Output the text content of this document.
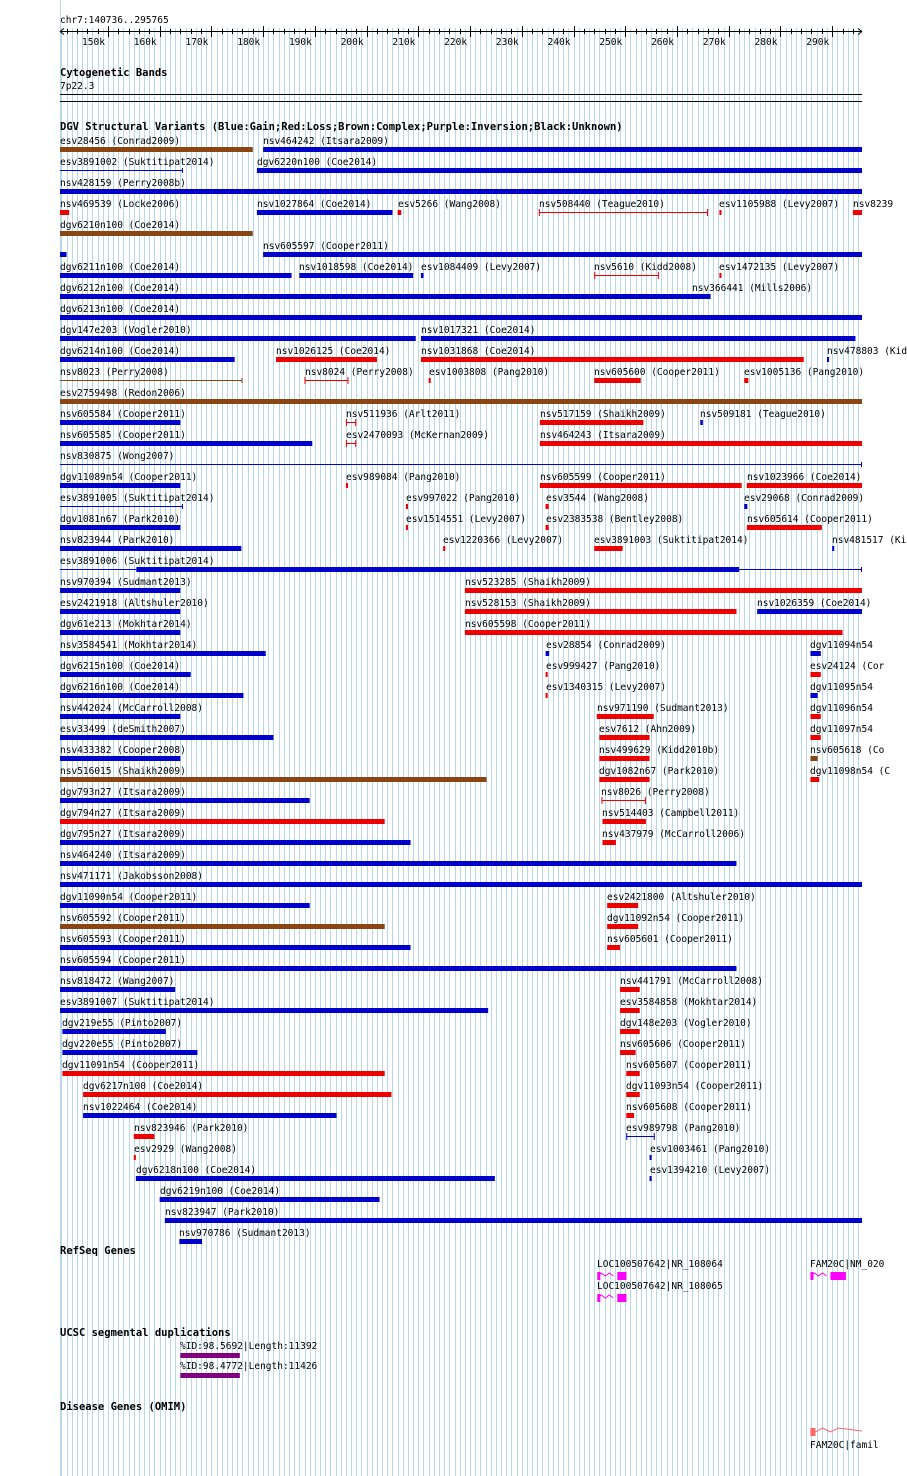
150k	160k	170k	180k	190k	200k	210k	220k	230k	240k	250k	260k	270k	280k	290k
chr7:140736..295765
Cytogenetic Bands
7p22.3
DGV Structural Variants (Blue:Gain;Red:Loss;Brown:Complex;Purple:Inversion;Black:Unknown)
RefSeq Genes
UCSC segmental duplications
Disease Genes (OMIM)
esv28456 (Conrad2009)	nsv464242 (Itsara2009)
esv3891002 (Suktitipat2014)	dgv6220n100 (Coe2014)
nsv428159 (Perry2008b)
nsv469539 (Locke2006)	nsv1027864 (Coe2014)	esv5266 (Wang2008)	nsv508440 (Teague2010)	esv1105988 (Levy2007) nsv8239
dgv6210n100 (Coe2014)
nsv605597 (Cooper2011)
dgv6211n100 (Coe2014)	nsv1018598 (Coe2014) esv1084409 (Levy2007)	nsv5610 (Kidd2008) esv1472135 (Levy2007)
dgv6212n100 (Coe2014)	nsv366441 (Mills2006)
dgv6213n100 (Coe2014)
dgv147e203 (Vogler2010)	nsv1017321 (Coe2014)
dgv6214n100 (Coe2014)	nsv1026125 (Coe2014)	nsv1031868 (Coe2014)	nsv478803 (Kid
nsv8023 (Perry2008)	nsv8024 (Perry2008) esv1003808 (Pang2010)	nsv605600 (Cooper2011)	esv1005136 (Pang2010)
esv2759498 (Redon2006)
nsv605584 (Cooper2011)	nsv511936 (Arlt2011)	nsv517159 (Shaikh2009)	nsv509181 (Teague2010)
nsv605585 (Cooper2011)	esv2470093 (McKernan2009)	nsv464243 (Itsara2009)
nsv830875 (Wong2007)
dgv11089n54 (Cooper2011)	esv989084 (Pang2010)	nsv605599 (Cooper2011)	nsv1023966 (Coe2014)
esv3891005 (Suktitipat2014)	esv997022 (Pang2010)	esv3544 (Wang2008)	esv29068 (Conrad2009)
dgv1081n67 (Park2010)	esv1514551 (Levy2007) esv2383538 (Bentley2008)	nsv605614 (Cooper2011)
nsv823944 (Park2010)	esv1220366 (Levy2007)	esv3891003 (Suktitipat2014)	nsv481517 (Ki
esv3891006 (Suktitipat2014)
nsv970394 (Sudmant2013)	nsv523285 (Shaikh2009)
esv2421918 (Altshuler2010)	nsv528153 (Shaikh2009)	nsv1026359 (Coe2014)
dgv61e213 (Mokhtar2014)	nsv605598 (Cooper2011)
nsv3584541 (Mokhtar2014)	esv28854 (Conrad2009)	dgv11094n54
dgv6215n100 (Coe2014)	esv999427 (Pang2010)	esv24124 (Cor
dgv6216n100 (Coe2014)	esv1340315 (Levy2007)	dgv11095n54
nsv442024 (McCarroll2008)	nsv971190 (Sudmant2013)	dgv11096n54
esv33499 (deSmith2007)	esv7612 (Ahn2009)	dgv11097n54
nsv433382 (Cooper2008)	nsv499629 (Kidd2010b)	nsv605618 (Co
nsv516015 (Shaikh2009)	dgv1082n67 (Park2010)	dgv11098n54 (C
dgv793n27 (Itsara2009)	nsv8026 (Perry2008)
dgv794n27 (Itsara2009)	nsv514403 (Campbell2011)
dgv795n27 (Itsara2009)	nsv437979 (McCarroll2006)
nsv464240 (Itsara2009)
nsv471171 (Jakobsson2008)
dgv11090n54 (Cooper2011)	esv2421800 (Altshuler2010)
nsv605592 (Cooper2011)	dgv11092n54 (Cooper2011)
nsv605593 (Cooper2011)	nsv605601 (Cooper2011)
nsv605594 (Cooper2011)
nsv818472 (Wang2007)	nsv441791 (McCarroll2008)
esv3891007 (Suktitipat2014)	esv3584858 (Mokhtar2014)
dgv219e55 (Pinto2007)	dgv148e203 (Vogler2010)
dgv220e55 (Pinto2007)	nsv605606 (Cooper2011)
dgv11091n54 (Cooper2011)	nsv605607 (Cooper2011)
dgv6217n100 (Coe2014)	dgv11093n54 (Cooper2011)
nsv1022464 (Coe2014)	nsv605608 (Cooper2011)
nsv823946 (Park2010)	esv989798 (Pang2010)
esv2929 (Wang2008)	esv1003461 (Pang2010)
dgv6218n100 (Coe2014)	esv1394210 (Levy2007)
dgv6219n100 (Coe2014)
nsv823947 (Park2010)
nsv970786 (Sudmant2013)
LOC100507642|NR_108064
LOC100507642|NR_108065
FAM20C|NM_020
%ID:98.5692|Length:11392
%ID:98.4772|Length:11426
FAM20C|famil
